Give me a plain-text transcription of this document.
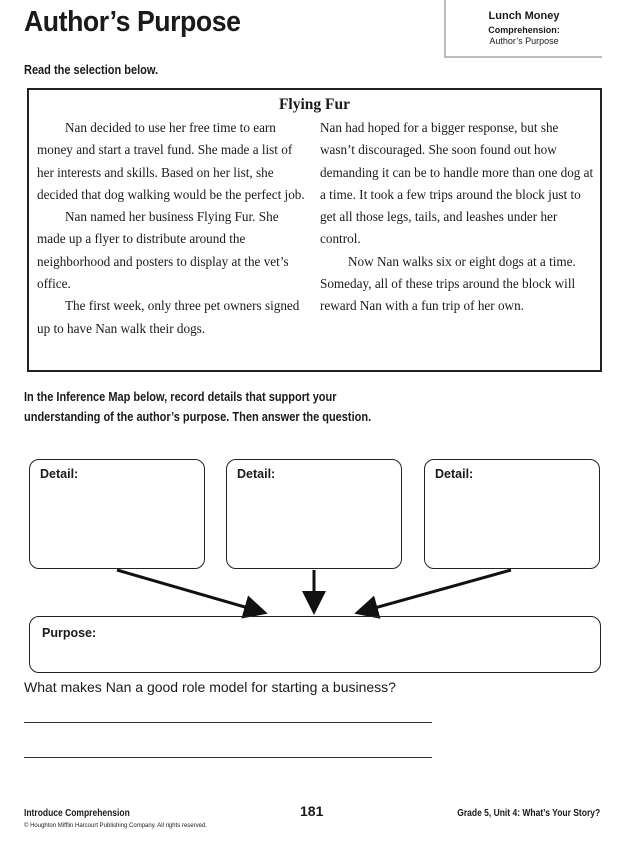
Author’s Purpose	Lunch Money
Comprehension:
Author’s Purpose
Read the selection below.
Flying Fur

Nan decided to use her free time to earn money and start a travel fund. She made a list of her interests and skills. Based on her list, she decided that dog walking would be the perfect job.

Nan named her business Flying Fur. She made up a flyer to distribute around the neighborhood and posters to display at the vet’s office.

The first week, only three pet owners signed up to have Nan walk their dogs.

Nan had hoped for a bigger response, but she wasn’t discouraged. She soon found out how demanding it can be to handle more than one dog at a time. It took a few trips around the block just to get all those legs, tails, and leashes under her control.

Now Nan walks six or eight dogs at a time. Someday, all of these trips around the block will reward Nan with a fun trip of her own.

In the Inference Map below, record details that support your
understanding of the author’s purpose. Then answer the question.
Detail:	Detail:	Detail:
Purpose:
What makes Nan a good role model for starting a business?
Introduce Comprehension
© Houghton Mifflin Harcourt Publishing Company. All rights reserved.
181	Grade 5, Unit 4: What’s Your Story?
